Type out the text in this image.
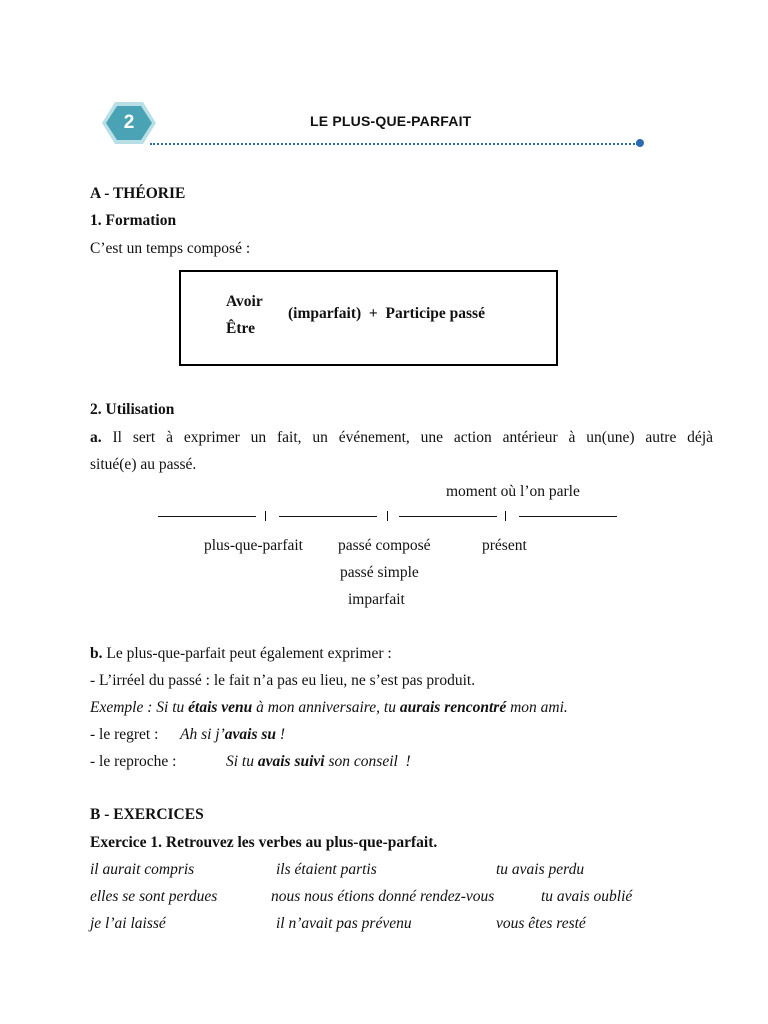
2	LE PLUS-QUE-PARFAIT
A - THÉORIE
1. Formation
C’est un temps composé :
Avoir
Être
(imparfait)  +  Participe passé
2. Utilisation
a. Il sert à exprimer un fait, un événement, une action antérieur à un(une) autre déjà
situé(e) au passé.
moment où l’on parle
plus-que-parfait passé composé
passé simple
imparfait
présent
b. Le plus-que-parfait peut également exprimer :
- L’irréel du passé : le fait n’a pas eu lieu, ne s’est pas produit.
Exemple : Si tu étais venu à mon anniversaire, tu aurais rencontré mon ami.
- le regret : Ah si j’avais su !
- le reproche :	Si tu avais suivi son conseil  !
B - EXERCICES
Exercice 1. Retrouvez les verbes au plus-que-parfait.
il aurait compris	ils étaient partis	tu avais perdu
elles se sont perdues	nous nous étions donné rendez-vous	tu avais oublié
je l’ai laissé	il n’avait pas prévenu	vous êtes resté
